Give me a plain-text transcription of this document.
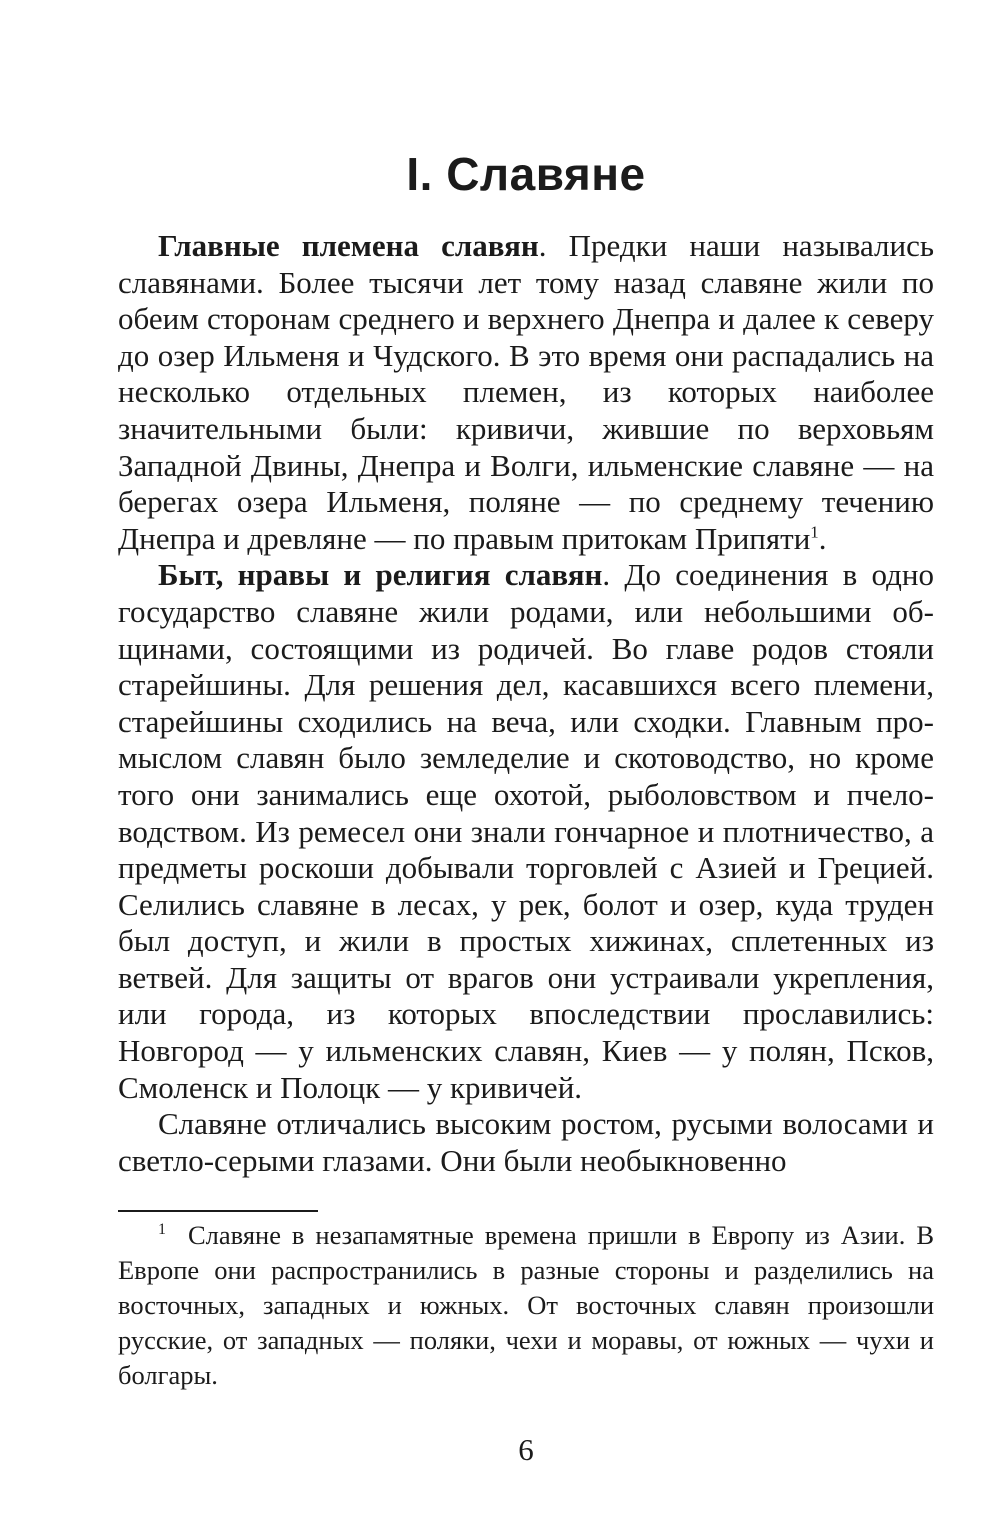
I. Славяне

Главные племена славян. Предки наши назывались славянами. Более тысячи лет тому назад славяне жили по обеим сторонам среднего и верхнего Днепра и далее к северу до озер Ильменя и Чудского. В это время они распадались на несколько отдельных племен, из которых наиболее значительными были: кривичи, жившие по верховьям Западной Двины, Днепра и Волги, ильменские славяне — на берегах озера Ильменя, поляне — по среднему течению Днепра и древляне — по правым притокам Припяти$^1$.

Быт, нравы и религия славян. До соединения в одно государство славяне жили родами, или небольшими общинами, состоящими из родичей. Во главе родов стояли старейшины. Для решения дел, касавшихся всего племени, старейшины сходились на веча, или сходки. Главным промыслом славян было земледелие и скотоводство, но кроме того они занимались еще охотой, рыболовством и пчеловодством. Из ремесел они знали гончарное и плотничество, а предметы роскоши добывали торговлей с Азией и Грецией. Селились славяне в лесах, у рек, болот и озер, куда труден был доступ, и жили в простых хижинах, сплетенных из ветвей. Для защиты от врагов они устраивали укрепления, или города, из которых впоследствии прославились: Новгород — у ильменских славян, Киев — у полян, Псков, Смоленск и Полоцк — у кривичей.

Славяне отличались высоким ростом, русыми волосами и светло-серыми глазами. Они были необыкновенно

$^1$ Славяне в незапамятные времена пришли в Европу из Азии. В Европе они распространились в разные стороны и разделились на восточных, западных и южных. От восточных славян произошли русские, от западных — поляки, чехи и моравы, от южных — чухи и болгары.

6
